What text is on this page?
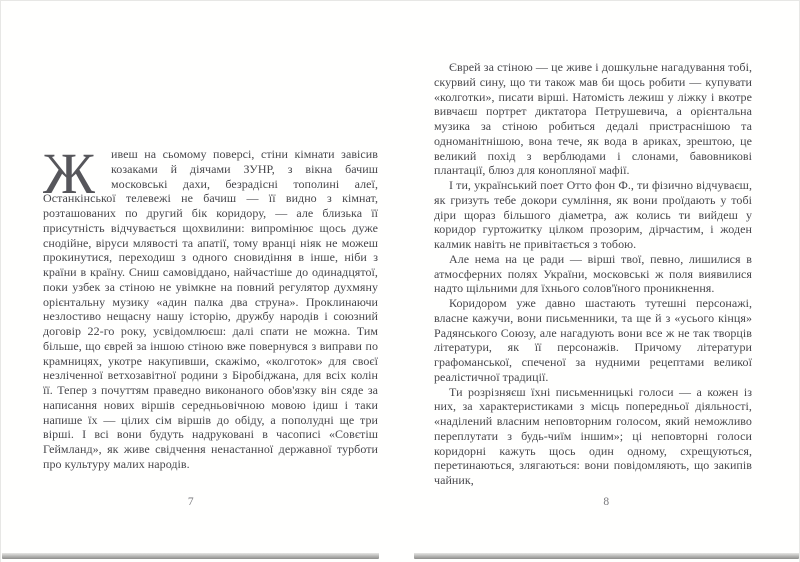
Ж	ивеш на сьомому поверсі, стіни кімнати завісив козаками й діячами ЗУНР, з вікна бачиш московські дахи, безрадісні тополині алеї, Останкінської телевежі не бачиш — її видно з кімнат, розташованих по другий бік коридору, — але близька її присутність відчувається щохвилини: випромінює щось дуже снодійне, віруси млявості та апатії, тому вранці ніяк не можеш прокинутися, переходиш з одного сновидіння в інше, ніби з країни в країну. Сниш самовіддано, найчастіше до одинадцятої, поки узбек за стіною не увімкне на повний регулятор духмяну орієнтальну музику «адин палка два струна». Проклинаючи незлостиво нещасну нашу історію, дружбу народів і союзний договір 22-го року, усвідомлюєш: далі спати не можна. Тим більше, що єврей за іншою стіною вже повернувся з виправи по крамницях, укотре накупивши, скажімо, «колготок» для своєї незліченної ветхозавітної родини з Біробіджана, для всіх колін її. Тепер з почуттям праведно виконаного обов'язку він сяде за написання нових віршів середньовічною мовою ідиш і таки напише їх — цілих сім віршів до обіду, а пополудні ще три вірші. І всі вони будуть надруковані в часописі «Совєтіш Геймланд», як живе свідчення ненастанної державної турботи про культуру малих народів.

7

Єврей за стіною — це живе і дошкульне нагадування тобі, скурвий сину, що ти також мав би щось робити — купувати «колготки», писати вірші. Натомість лежиш у ліжку і вкотре вивчаєш портрет диктатора Петрушевича, а орієнтальна музика за стіною робиться дедалі пристраснішою та одноманітнішою, вона тече, як вода в ариках, зрештою, це великий похід з верблюдами і слонами, бавовникові плантації, блюз для конопляної мафії.

І ти, український поет Отто фон Ф., ти фізично відчуваєш, як гризуть тебе докори сумління, як вони проїдають у тобі діри щораз більшого діаметра, аж колись ти вийдеш у коридор гуртожитку цілком прозорим, дірчастим, і жоден калмик навіть не привітається з тобою.

Але нема на це ради — вірші твої, певно, лишилися в атмосферних полях України, московські ж поля виявилися надто щільними для їхнього солов'їного проникнення.

Коридором уже давно шастають тутешні персонажі, власне кажучи, вони письменники, та ще й з «усього кінця» Радянського Союзу, але нагадують вони все ж не так творців літератури, як її персонажів. Причому літератури графоманської, спеченої за нудними рецептами великої реалістичної традиції.

Ти розрізняєш їхні письменницькі голоси — а кожен із них, за характеристиками з місць попередньої діяльності, «наділений власним неповторним голосом, який неможливо переплутати з будь-чиїм іншим»; ці неповторні голоси коридорні кажуть щось один одному, схрещуються, перетинаються, злягаються: вони повідомляють, що закипів чайник,

8
